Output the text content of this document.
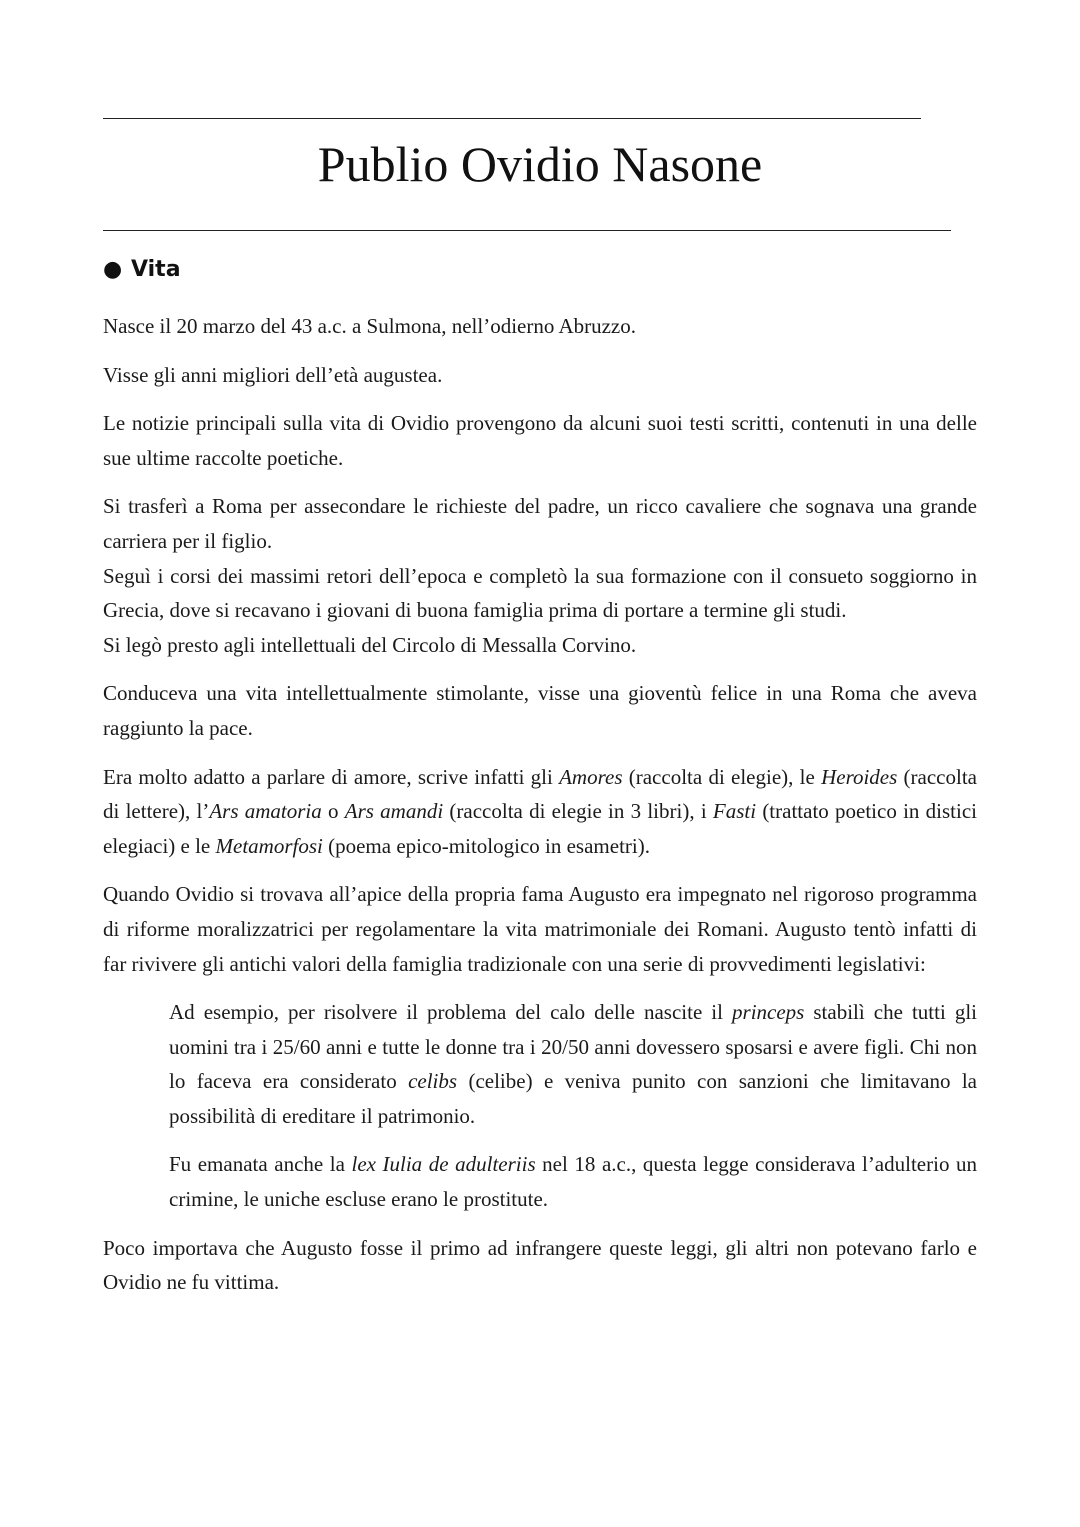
Publio Ovidio Nasone
● Vita

Nasce il 20 marzo del 43 a.c. a Sulmona, nell’odierno Abruzzo.

Visse gli anni migliori dell’età augustea.

Le notizie principali sulla vita di Ovidio provengono da alcuni suoi testi scritti, contenuti in una delle sue ultime raccolte poetiche.

Si trasferì a Roma per assecondare le richieste del padre, un ricco cavaliere che sognava una grande carriera per il figlio.

Seguì i corsi dei massimi retori dell’epoca e completò la sua formazione con il consueto soggiorno in Grecia, dove si recavano i giovani di buona famiglia prima di portare a termine gli studi.

Si legò presto agli intellettuali del Circolo di Messalla Corvino.

Conduceva una vita intellettualmente stimolante, visse una gioventù felice in una Roma che aveva raggiunto la pace.

Era molto adatto a parlare di amore, scrive infatti gli Amores (raccolta di elegie), le Heroides (raccolta di lettere), l’Ars amatoria o Ars amandi (raccolta di elegie in 3 libri), i Fasti (trattato poetico in distici elegiaci) e le Metamorfosi (poema epico-mitologico in esametri).

Quando Ovidio si trovava all’apice della propria fama Augusto era impegnato nel rigoroso programma di riforme moralizzatrici per regolamentare la vita matrimoniale dei Romani. Augusto tentò infatti di far rivivere gli antichi valori della famiglia tradizionale con una serie di provvedimenti legislativi:

Ad esempio, per risolvere il problema del calo delle nascite il princeps stabilì che tutti gli uomini tra i 25/60 anni e tutte le donne tra i 20/50 anni dovessero sposarsi e avere figli. Chi non lo faceva era considerato celibs (celibe) e veniva punito con sanzioni che limitavano la possibilità di ereditare il patrimonio.

Fu emanata anche la lex Iulia de adulteriis nel 18 a.c., questa legge considerava l’adulterio un crimine, le uniche escluse erano le prostitute.

Poco importava che Augusto fosse il primo ad infrangere queste leggi, gli altri non potevano farlo e Ovidio ne fu vittima.
